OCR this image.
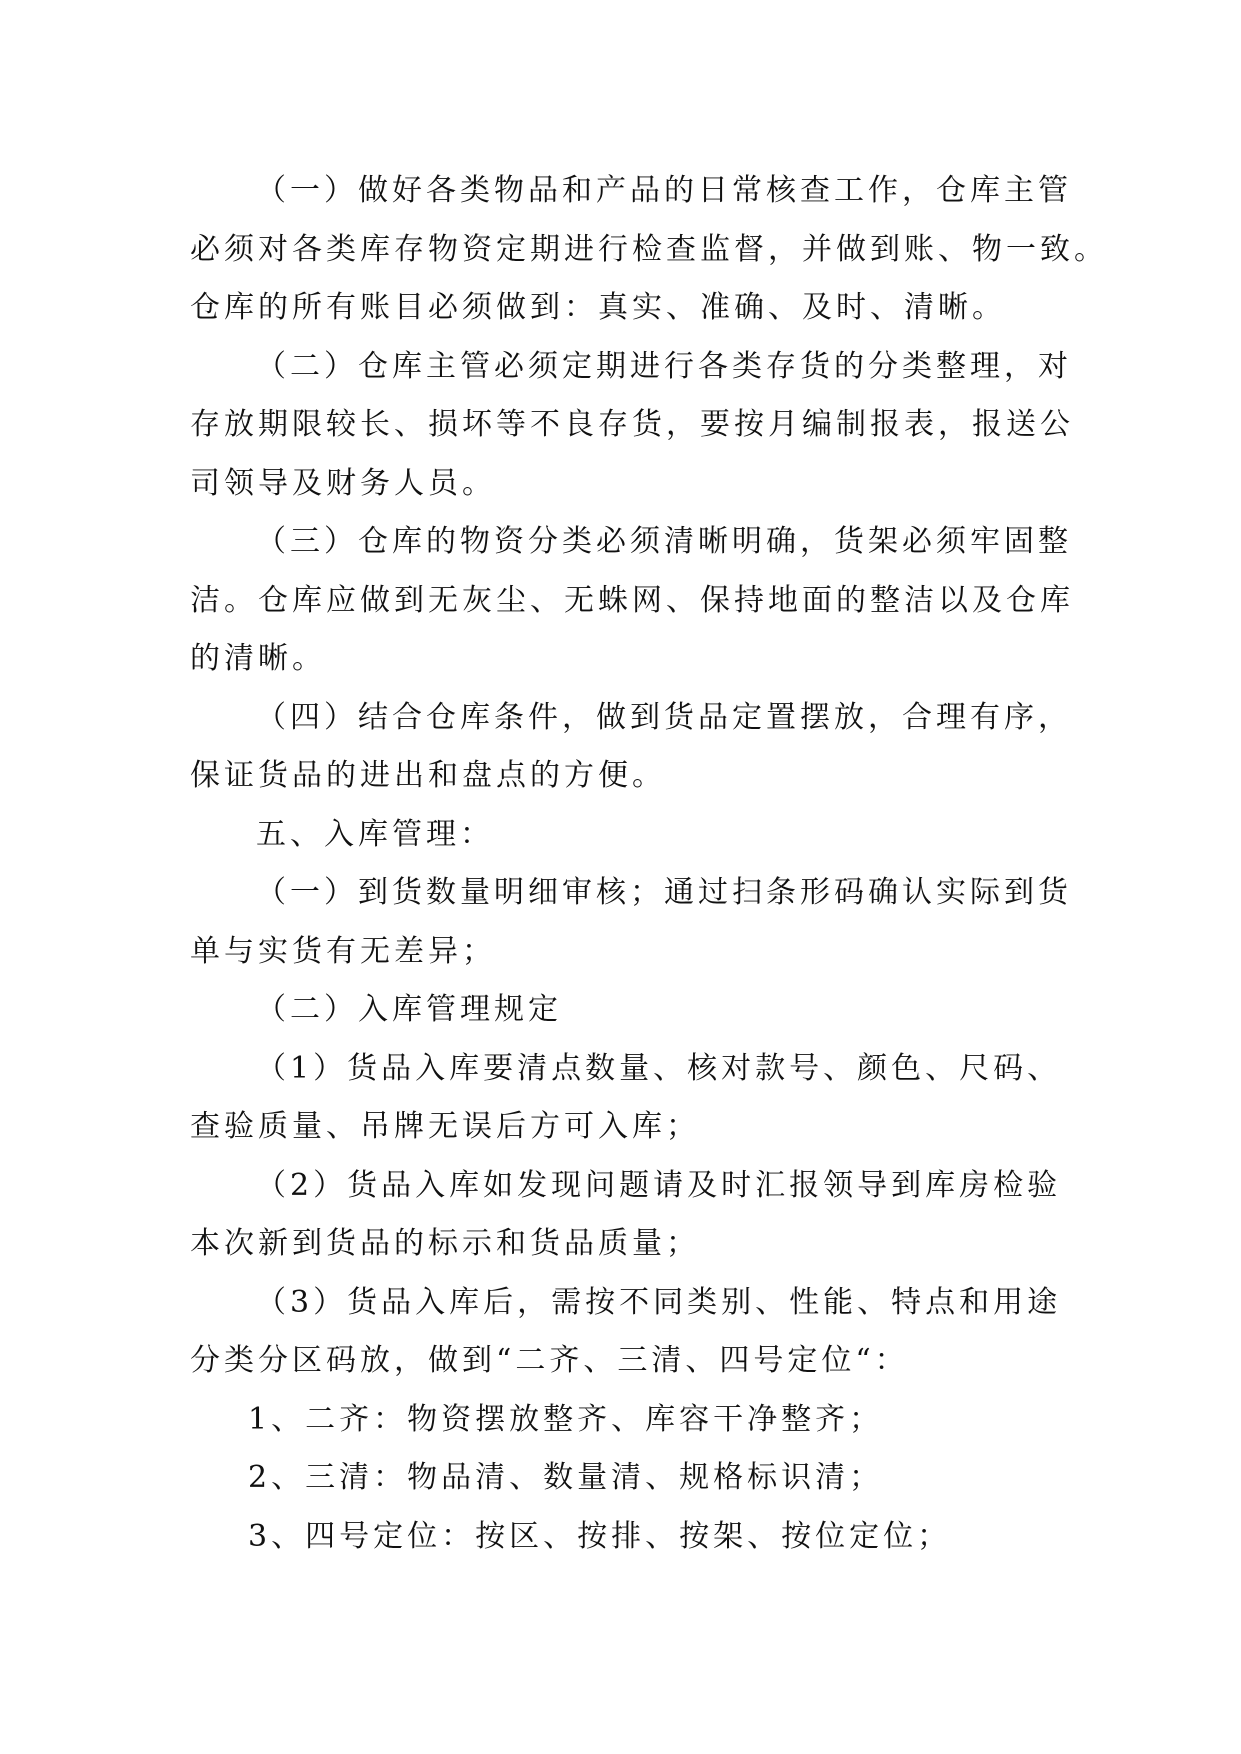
（一）做好各类物品和产品的日常核查工作，仓库主管
必须对各类库存物资定期进行检查监督，并做到账、物一致。
仓库的所有账目必须做到：真实、准确、及时、清晰。
（二）仓库主管必须定期进行各类存货的分类整理，对
存放期限较长、损坏等不良存货，要按月编制报表，报送公
司领导及财务人员。
（三）仓库的物资分类必须清晰明确，货架必须牢固整
洁。仓库应做到无灰尘、无蛛网、保持地面的整洁以及仓库
的清晰。
（四）结合仓库条件，做到货品定置摆放，合理有序，
保证货品的进出和盘点的方便。
五、入库管理：
（一）到货数量明细审核；通过扫条形码确认实际到货
单与实货有无差异；
（二）入库管理规定
（1）货品入库要清点数量、核对款号、颜色、尺码、
查验质量、吊牌无误后方可入库；
（2）货品入库如发现问题请及时汇报领导到库房检验
本次新到货品的标示和货品质量；
（3）货品入库后，需按不同类别、性能、特点和用途
分类分区码放，做到“二齐、三清、四号定位“：
1、二齐：物资摆放整齐、库容干净整齐；
2、三清：物品清、数量清、规格标识清；
3、四号定位：按区、按排、按架、按位定位；
